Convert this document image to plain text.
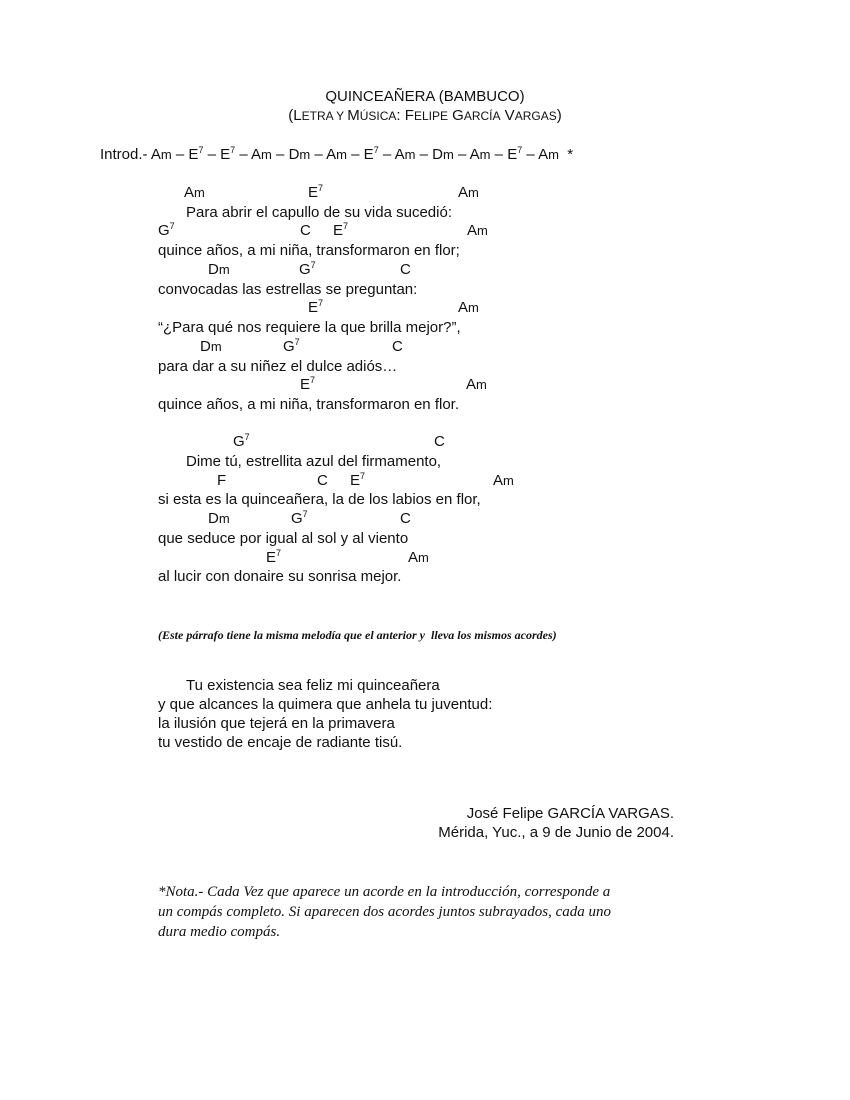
QUINCEAÑERA (BAMBUCO)
(LETRA Y MÚSICA: FELIPE GARCÍA VARGAS)
Introd.- Am – $E^7 - E^7$ – Am – Dm – Am – $E^7$ – Am – Dm – Am – $E^7$ – Am *
Am	$E^7$	Am
$G^7$	C $E^7$	Am
Dm	$G^7$	C
$E^7$	Am
Dm	$G^7$	C
$E^7$	Am
Para abrir el capullo de su vida sucedió:
quince años, a mi niña, transformaron en flor;
convocadas las estrellas se preguntan:
“¿Para qué nos requiere la que brilla mejor?”,
para dar a su niñez el dulce adiós…
quince años, a mi niña, transformaron en flor.
$G^7$	C
F	C $E^7$	Am
Dm	$G^7$	C
$E^7$	Am
Dime tú, estrellita azul del firmamento,
si esta es la quinceañera, la de los labios en flor,
que seduce por igual al sol y al viento
al lucir con donaire su sonrisa mejor.
(Este párrafo tiene la misma melodía que el anterior y  lleva los mismos acordes)
Tu existencia sea feliz mi quinceañera
y que alcances la quimera que anhela tu juventud:
la ilusión que tejerá en la primavera
tu vestido de encaje de radiante tisú.
José Felipe GARCÍA VARGAS.
Mérida, Yuc., a 9 de Junio de 2004.
*Nota.- Cada Vez que aparece un acorde en la introducción, corresponde a
un compás completo. Si aparecen dos acordes juntos subrayados, cada uno
dura medio compás.
